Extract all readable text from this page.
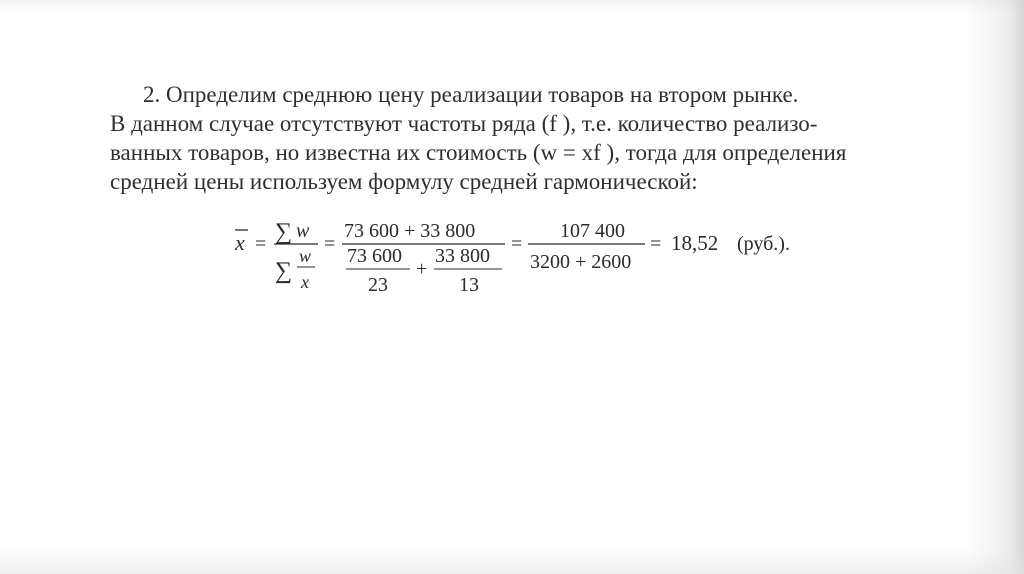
2. Определим среднюю цену реализации товаров на втором рынке.
В данном случае отсутствуют частоты ряда (f ), т.е. количество реализо-
ванных товаров, но известна их стоимость (w = xf ), тогда для определения
средней цены используем формулу средней гармонической:
x = ∑ w
∑
w
x
=
73 600 + 33 800
73 600
23
+
33 800
13
=
107 400
3200 + 2600
= 18,52 (руб.).
